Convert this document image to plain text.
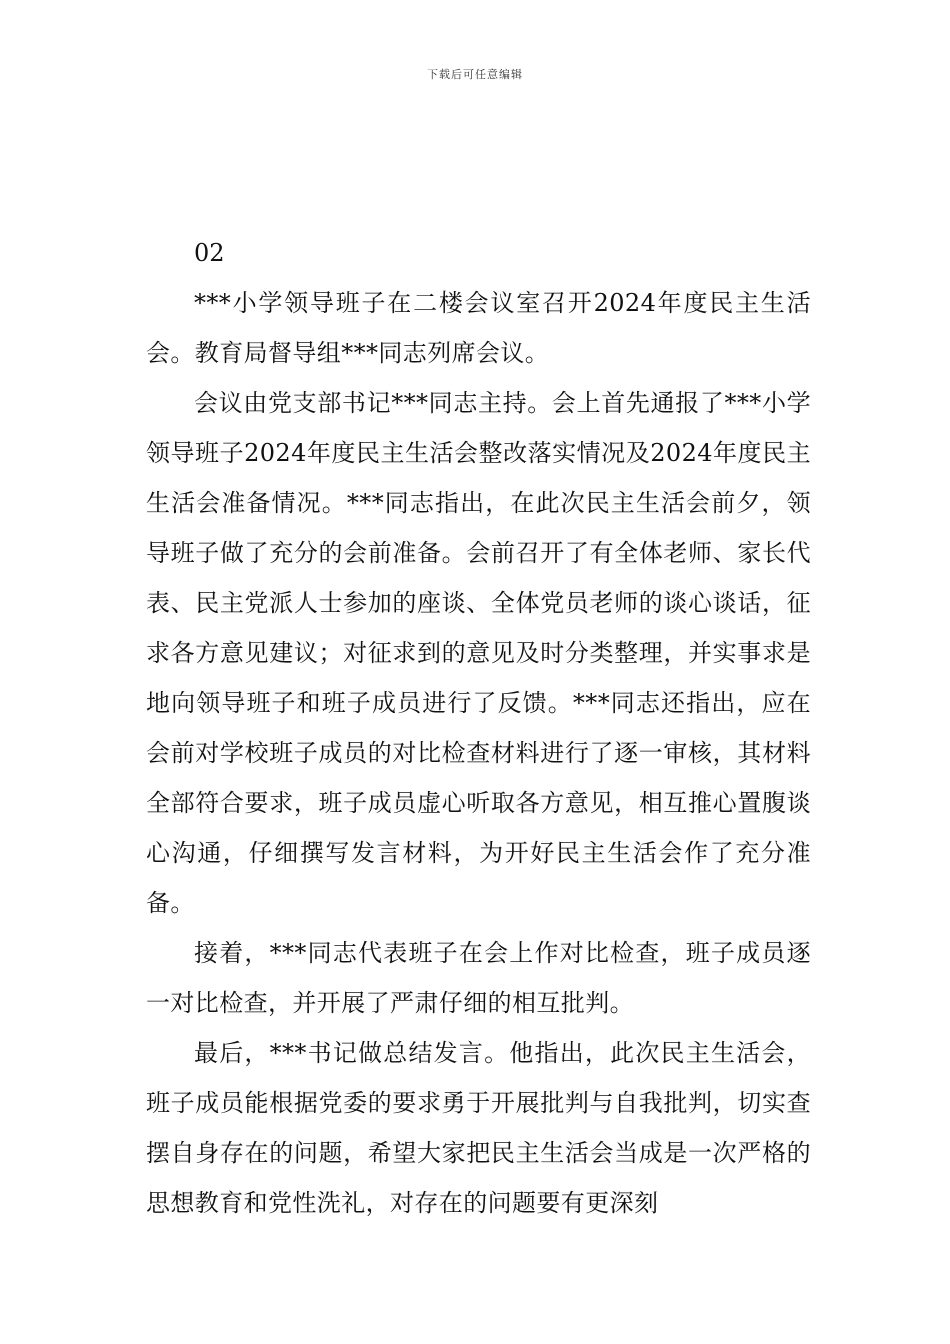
下载后可任意编辑

02

***小学领导班子在二楼会议室召开2024年度民主生活会。教育局督导组***同志列席会议。

会议由党支部书记***同志主持。会上首先通报了***小学领导班子2024年度民主生活会整改落实情况及2024年度民主生活会准备情况。***同志指出，在此次民主生活会前夕，领导班子做了充分的会前准备。会前召开了有全体老师、家长代表、民主党派人士参加的座谈、全体党员老师的谈心谈话，征求各方意见建议；对征求到的意见及时分类整理，并实事求是地向领导班子和班子成员进行了反馈。***同志还指出，应在会前对学校班子成员的对比检查材料进行了逐一审核，其材料全部符合要求，班子成员虚心听取各方意见，相互推心置腹谈心沟通，仔细撰写发言材料，为开好民主生活会作了充分准备。

接着，***同志代表班子在会上作对比检查，班子成员逐一对比检查，并开展了严肃仔细的相互批判。

最后，***书记做总结发言。他指出，此次民主生活会，班子成员能根据党委的要求勇于开展批判与自我批判，切实查摆自身存在的问题，希望大家把民主生活会当成是一次严格的思想教育和党性洗礼，对存在的问题要有更深刻
